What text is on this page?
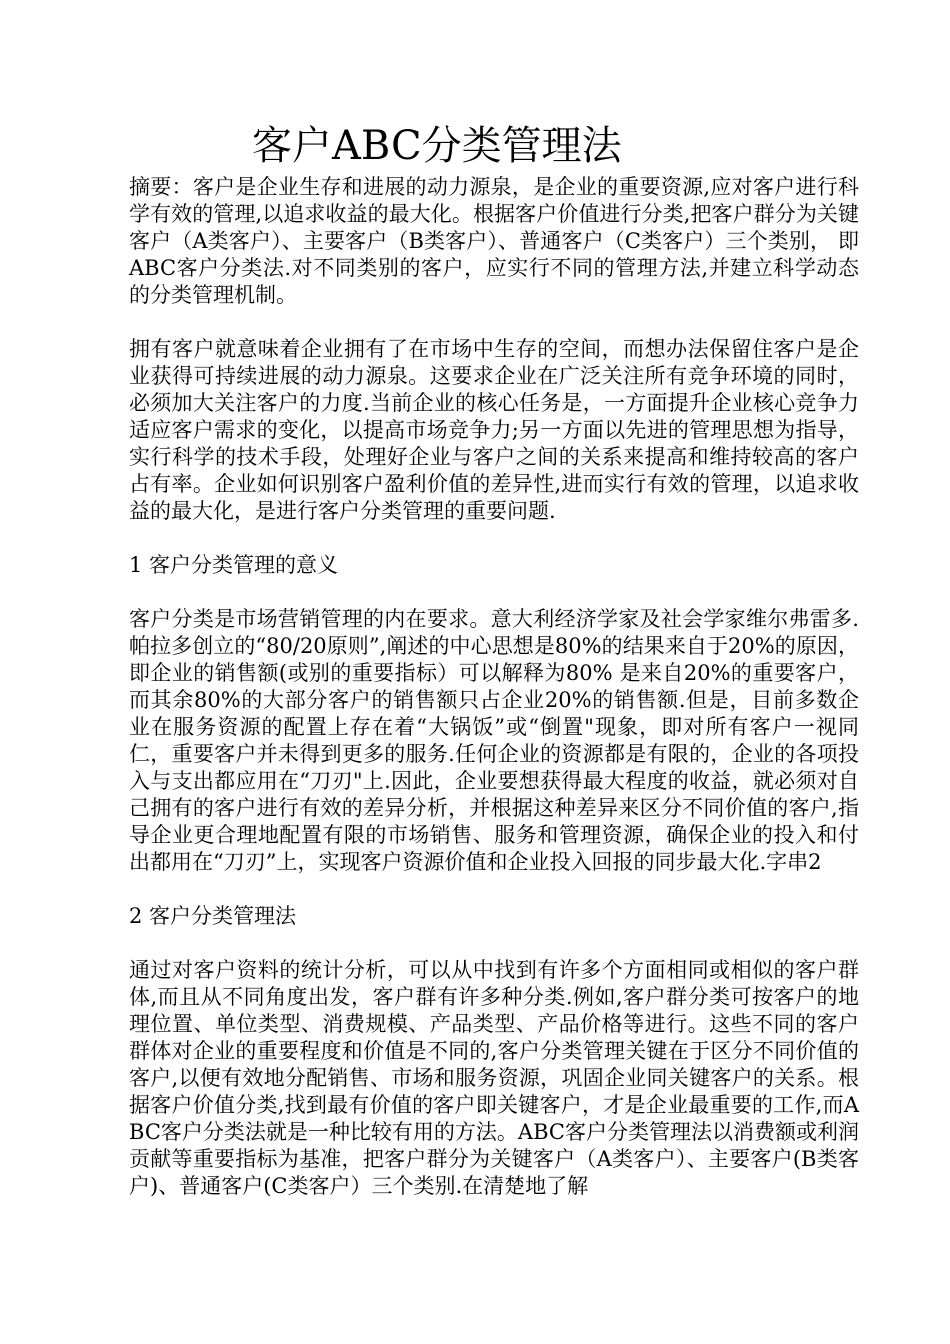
客户ABC分类管理法

摘要：客户是企业生存和进展的动力源泉，是企业的重要资源,应对客户进行科学有效的管理,以追求收益的最大化。根据客户价值进行分类,把客户群分为关键客户（A类客户）、主要客户（B类客户）、普通客户（C类客户）三个类别， 即ABC客户分类法.对不同类别的客户，应实行不同的管理方法,并建立科学动态的分类管理机制。

拥有客户就意味着企业拥有了在市场中生存的空间，而想办法保留住客户是企业获得可持续进展的动力源泉。这要求企业在广泛关注所有竞争环境的同时，必须加大关注客户的力度.当前企业的核心任务是，一方面提升企业核心竞争力适应客户需求的变化，以提高市场竞争力;另一方面以先进的管理思想为指导，实行科学的技术手段，处理好企业与客户之间的关系来提高和维持较高的客户占有率。企业如何识别客户盈利价值的差异性,进而实行有效的管理，以追求收益的最大化，是进行客户分类管理的重要问题.

1 客户分类管理的意义

客户分类是市场营销管理的内在要求。意大利经济学家及社会学家维尔弗雷多.帕拉多创立的“80/20原则”,阐述的中心思想是80%的结果来自于20%的原因，即企业的销售额(或别的重要指标）可以解释为80% 是来自20%的重要客户，而其余80%的大部分客户的销售额只占企业20%的销售额.但是，目前多数企业在服务资源的配置上存在着“大锅饭”或“倒置"现象，即对所有客户一视同仁，重要客户并未得到更多的服务.任何企业的资源都是有限的，企业的各项投入与支出都应用在“刀刃"上.因此，企业要想获得最大程度的收益，就必须对自己拥有的客户进行有效的差异分析，并根据这种差异来区分不同价值的客户,指导企业更合理地配置有限的市场销售、服务和管理资源，确保企业的投入和付出都用在“刀刃”上，实现客户资源价值和企业投入回报的同步最大化.字串2

2 客户分类管理法

通过对客户资料的统计分析，可以从中找到有许多个方面相同或相似的客户群体,而且从不同角度出发，客户群有许多种分类.例如,客户群分类可按客户的地理位置、单位类型、消费规模、产品类型、产品价格等进行。这些不同的客户群体对企业的重要程度和价值是不同的,客户分类管理关键在于区分不同价值的客户,以便有效地分配销售、市场和服务资源，巩固企业同关键客户的关系。根据客户价值分类,找到最有价值的客户即关键客户，才是企业最重要的工作,而ABC客户分类法就是一种比较有用的方法。ABC客户分类管理法以消费额或利润贡献等重要指标为基准，把客户群分为关键客户（A类客户）、主要客户(B类客户)、普通客户(C类客户）三个类别.在清楚地了解
